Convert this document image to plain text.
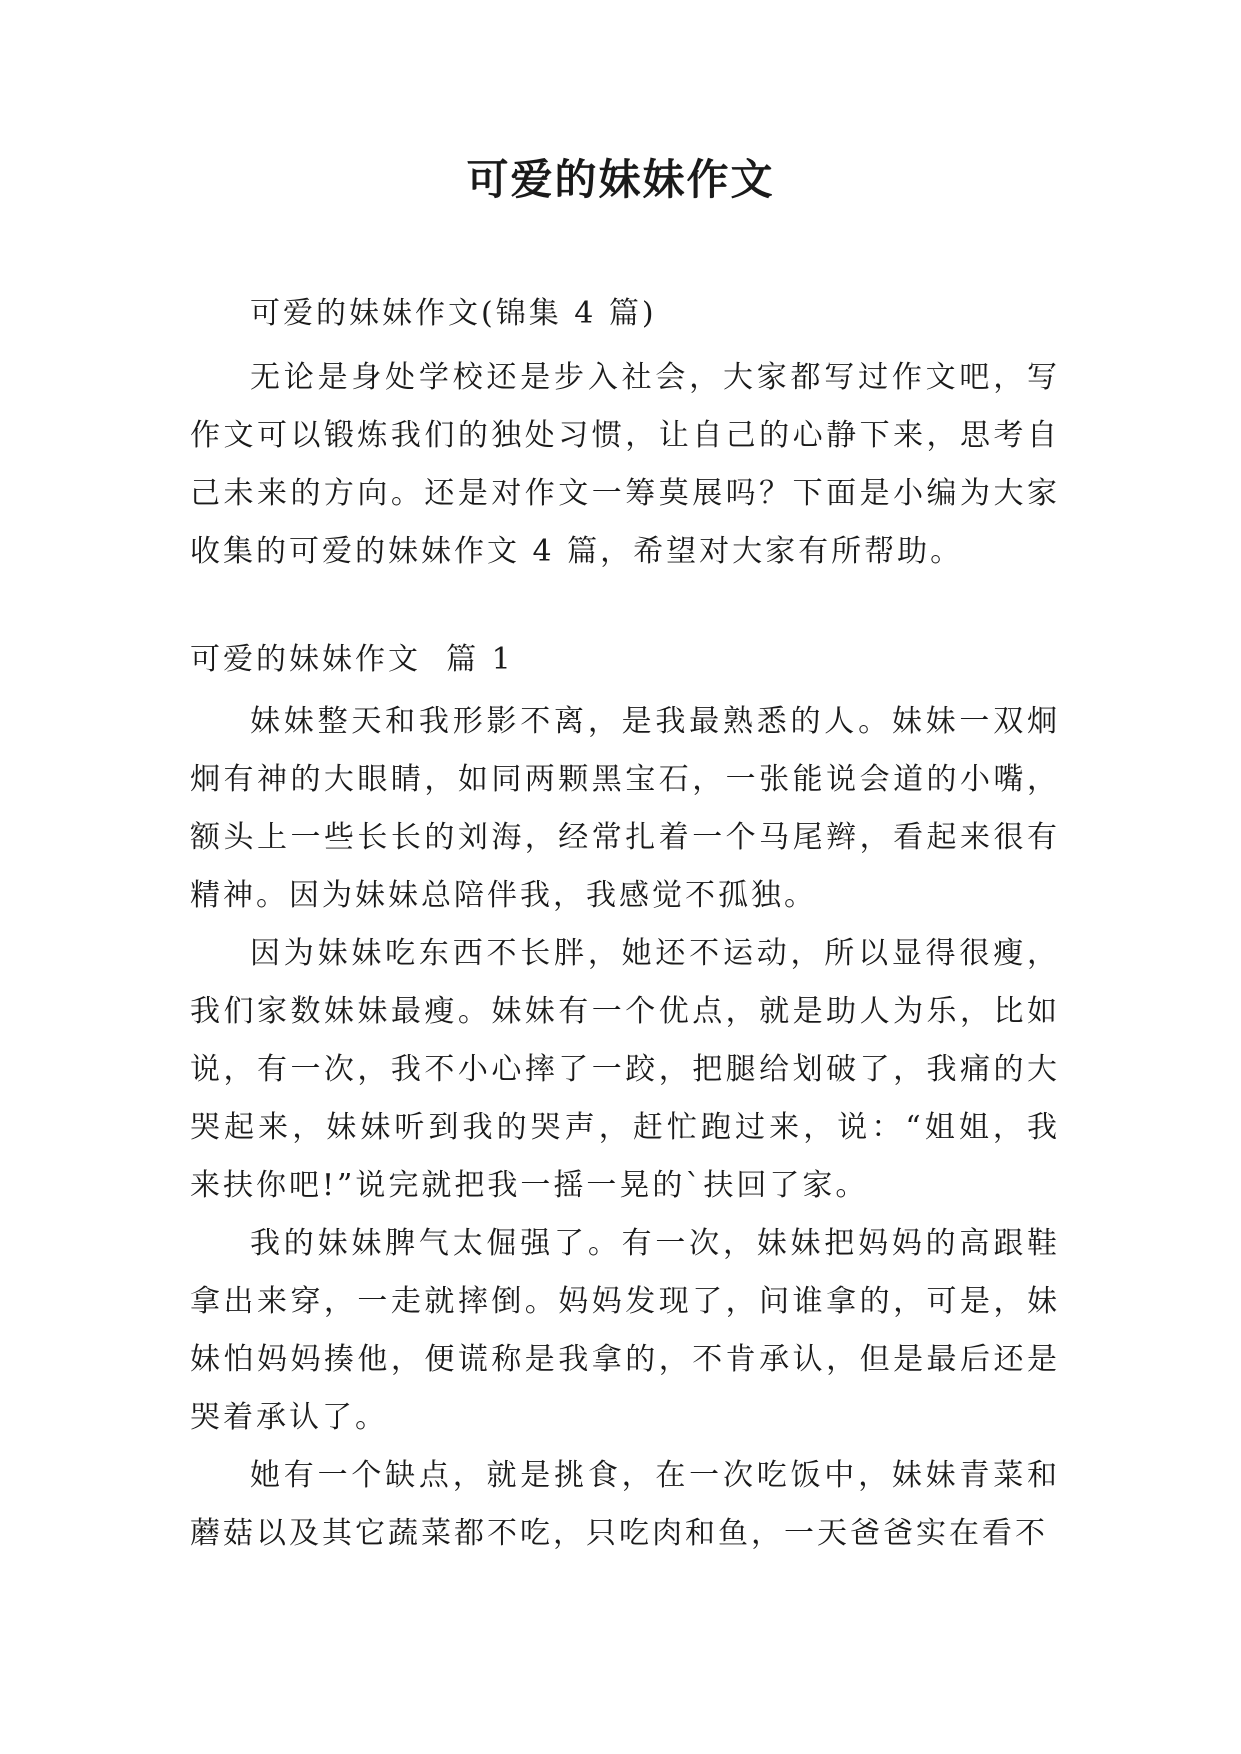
可爱的妹妹作文

可爱的妹妹作文(锦集 4 篇)

无论是身处学校还是步入社会，大家都写过作文吧，写作文可以锻炼我们的独处习惯，让自己的心静下来，思考自己未来的方向。还是对作文一筹莫展吗？下面是小编为大家收集的可爱的妹妹作文 4 篇，希望对大家有所帮助。

可爱的妹妹作文  篇 1

妹妹整天和我形影不离，是我最熟悉的人。妹妹一双炯炯有神的大眼睛，如同两颗黑宝石，一张能说会道的小嘴，额头上一些长长的刘海，经常扎着一个马尾辫，看起来很有精神。因为妹妹总陪伴我，我感觉不孤独。

因为妹妹吃东西不长胖，她还不运动，所以显得很瘦，我们家数妹妹最瘦。妹妹有一个优点，就是助人为乐，比如说，有一次，我不小心摔了一跤，把腿给划破了，我痛的大哭起来，妹妹听到我的哭声，赶忙跑过来，说：“姐姐，我来扶你吧!”说完就把我一摇一晃的`扶回了家。

我的妹妹脾气太倔强了。有一次，妹妹把妈妈的高跟鞋拿出来穿，一走就摔倒。妈妈发现了，问谁拿的，可是，妹妹怕妈妈揍他，便谎称是我拿的，不肯承认，但是最后还是哭着承认了。

她有一个缺点，就是挑食，在一次吃饭中，妹妹青菜和蘑菇以及其它蔬菜都不吃，只吃肉和鱼，一天爸爸实在看不
